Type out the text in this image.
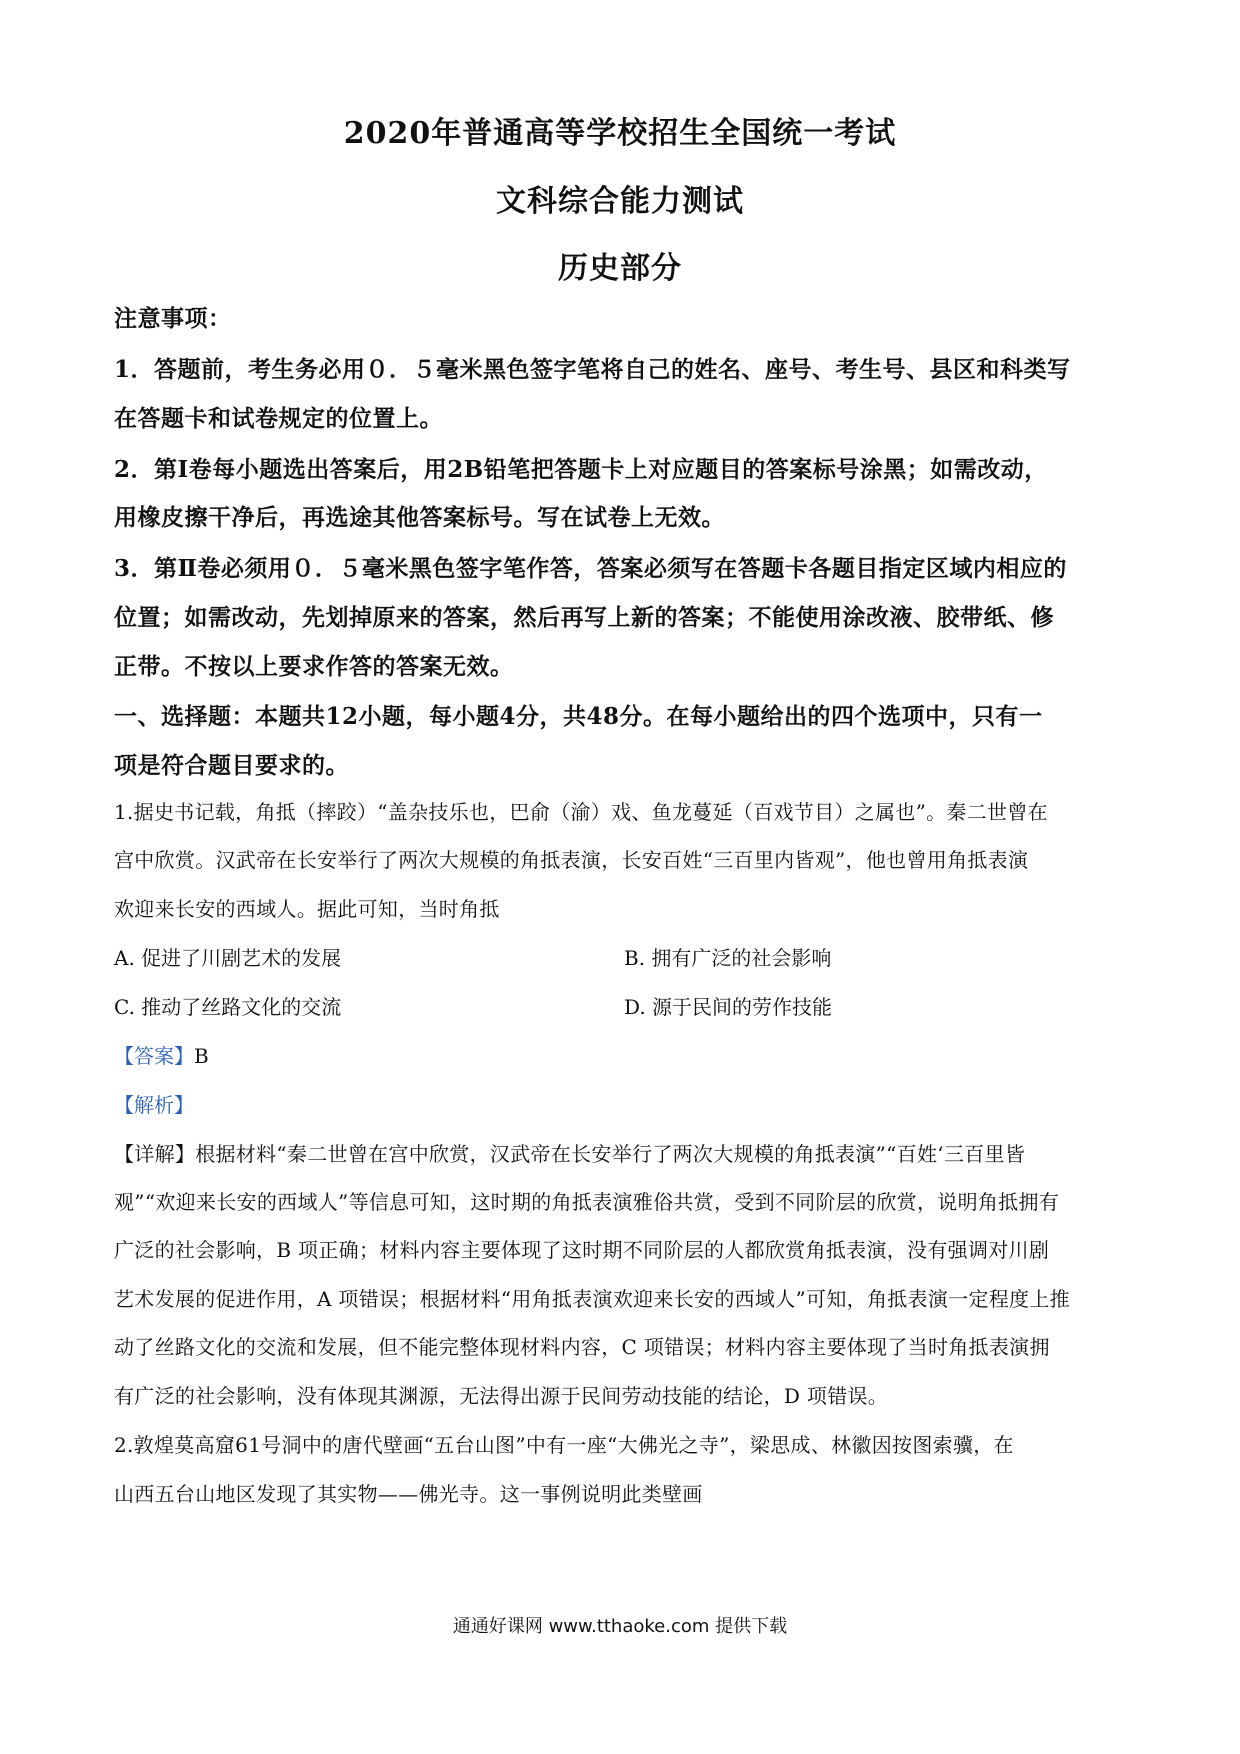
2020年普通高等学校招生全国统一考试
文科综合能力测试
历史部分
注意事项：
1．答题前，考生务必用０．５毫米黑色签字笔将自己的姓名、座号、考生号、县区和科类写
在答题卡和试卷规定的位置上。
2．第Ⅰ卷每小题选出答案后，用2B铅笔把答题卡上对应题目的答案标号涂黑；如需改动，
用橡皮擦干净后，再选途其他答案标号。写在试卷上无效。
3．第Ⅱ卷必须用０．５毫米黑色签字笔作答，答案必须写在答题卡各题目指定区域内相应的
位置；如需改动，先划掉原来的答案，然后再写上新的答案；不能使用涂改液、胶带纸、修
正带。不按以上要求作答的答案无效。
一、选择题：本题共12小题，每小题4分，共48分。在每小题给出的四个选项中，只有一
项是符合题目要求的。
1.据史书记载，角抵（摔跤）“盖杂技乐也，巴俞（渝）戏、鱼龙蔓延（百戏节目）之属也”。秦二世曾在
宫中欣赏。汉武帝在长安举行了两次大规模的角抵表演，长安百姓“三百里内皆观”，他也曾用角抵表演
欢迎来长安的西域人。据此可知，当时角抵
A. 促进了川剧艺术的发展	B. 拥有广泛的社会影响
C. 推动了丝路文化的交流	D. 源于民间的劳作技能
【答案】B
【解析】
【详解】根据材料“秦二世曾在宫中欣赏，汉武帝在长安举行了两次大规模的角抵表演”“百姓‘三百里皆
观”“欢迎来长安的西域人”等信息可知，这时期的角抵表演雅俗共赏，受到不同阶层的欣赏，说明角抵拥有
广泛的社会影响，B 项正确；材料内容主要体现了这时期不同阶层的人都欣赏角抵表演，没有强调对川剧
艺术发展的促进作用，A 项错误；根据材料“用角抵表演欢迎来长安的西域人”可知，角抵表演一定程度上推
动了丝路文化的交流和发展，但不能完整体现材料内容，C 项错误；材料内容主要体现了当时角抵表演拥
有广泛的社会影响，没有体现其渊源，无法得出源于民间劳动技能的结论，D 项错误。
2.敦煌莫高窟61号洞中的唐代壁画“五台山图”中有一座“大佛光之寺”，梁思成、林徽因按图索骥，在
山西五台山地区发现了其实物——佛光寺。这一事例说明此类壁画
通通好课网 www.tthaoke.com 提供下载
